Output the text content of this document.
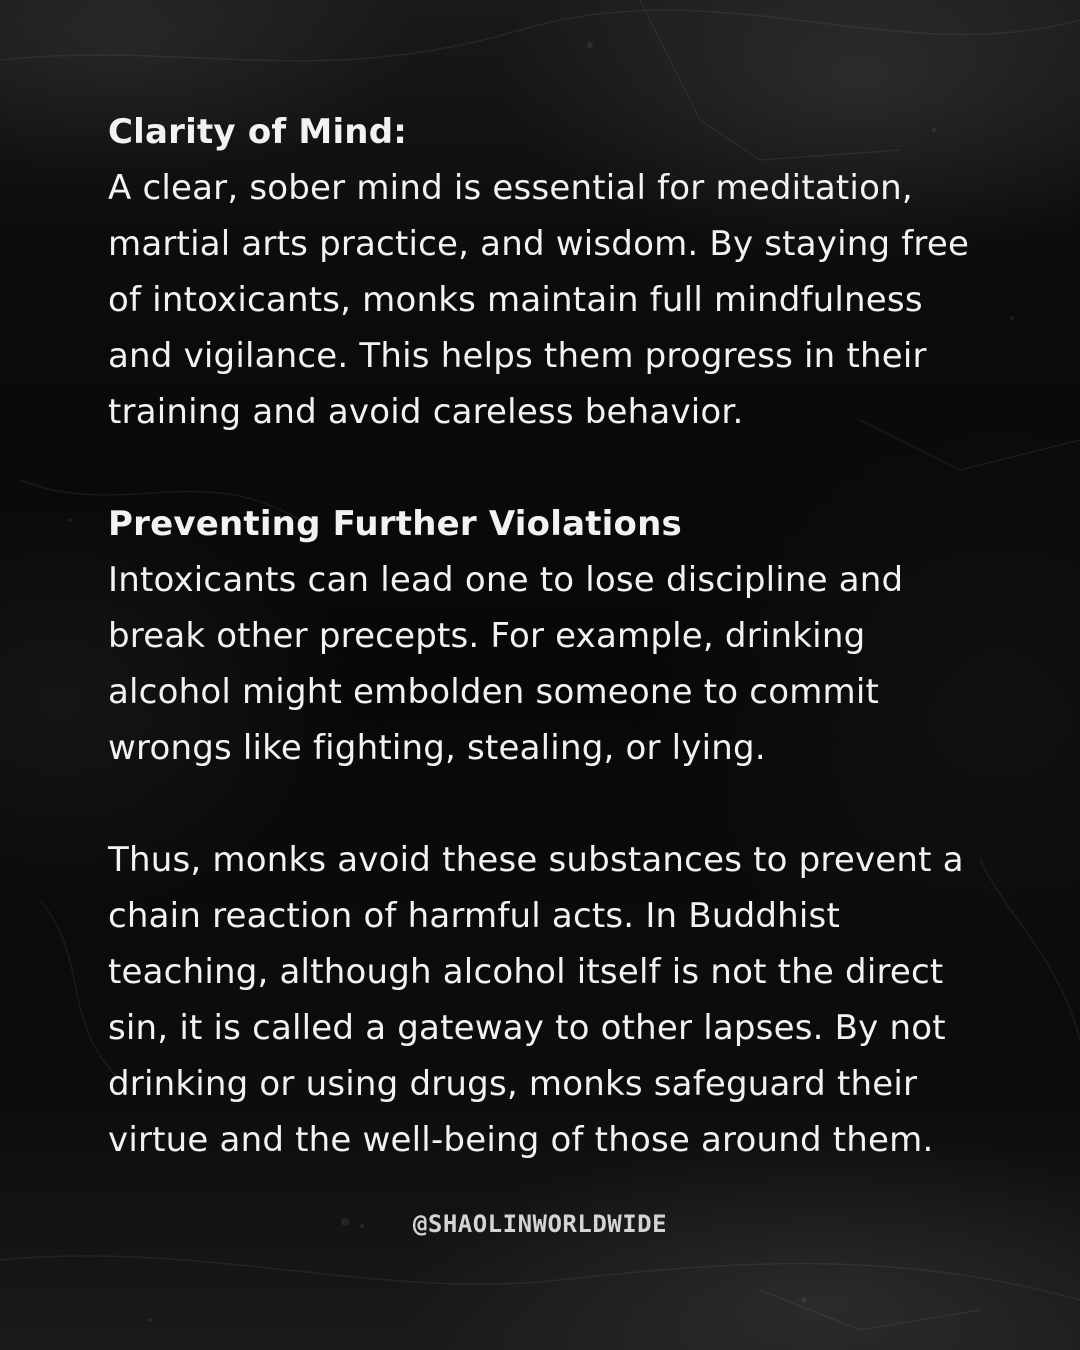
Clarity of Mind:
A clear, sober mind is essential for meditation, martial arts practice, and wisdom. By staying free of intoxicants, monks maintain full mindfulness and vigilance. This helps them progress in their training and avoid careless behavior.
Preventing Further Violations
Intoxicants can lead one to lose discipline and break other precepts. For example, drinking alcohol might embolden someone to commit wrongs like fighting, stealing, or lying.
Thus, monks avoid these substances to prevent a chain reaction of harmful acts. In Buddhist teaching, although alcohol itself is not the direct sin, it is called a gateway to other lapses. By not drinking or using drugs, monks safeguard their virtue and the well-being of those around them.
@SHAOLINWORLDWIDE
